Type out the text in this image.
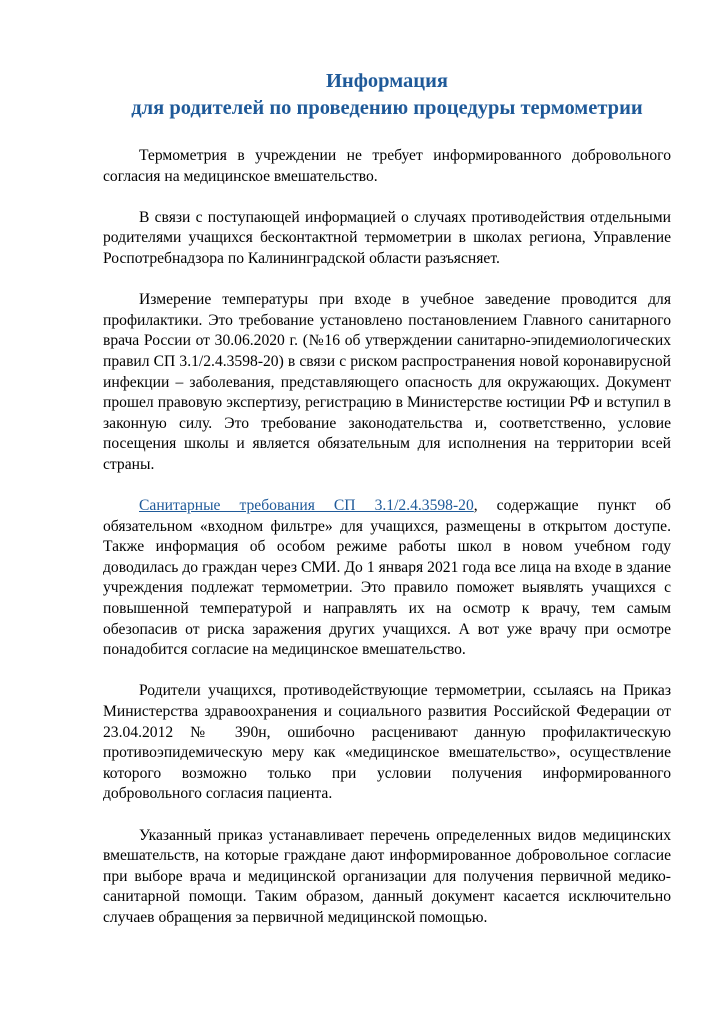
Информация
для родителей по проведению процедуры термометрии

Термометрия в учреждении не требует информированного добровольного согласия на медицинское вмешательство.

В связи с поступающей информацией о случаях противодействия отдельными родителями учащихся бесконтактной термометрии в школах региона, Управление Роспотребнадзора по Калининградской области разъясняет.

Измерение температуры при входе в учебное заведение проводится для профилактики. Это требование установлено постановлением Главного санитарного врача России от 30.06.2020 г. (№16 об утверждении санитарно-эпидемиологических правил СП 3.1/2.4.3598-20) в связи с риском распространения новой коронавирусной инфекции – заболевания, представляющего опасность для окружающих. Документ прошел правовую экспертизу, регистрацию в Министерстве юстиции РФ и вступил в законную силу. Это требование законодательства и, соответственно, условие посещения школы и является обязательным для исполнения на территории всей страны.

Санитарные требования СП 3.1/2.4.3598-20, содержащие пункт об обязательном «входном фильтре» для учащихся, размещены в открытом доступе. Также информация об особом режиме работы школ в новом учебном году доводилась до граждан через СМИ. До 1 января 2021 года все лица на входе в здание учреждения подлежат термометрии. Это правило поможет выявлять учащихся с повышенной температурой и направлять их на осмотр к врачу, тем самым обезопасив от риска заражения других учащихся. А вот уже врачу при осмотре понадобится согласие на медицинское вмешательство.

Родители учащихся, противодействующие термометрии, ссылаясь на Приказ Министерства здравоохранения и социального развития Российской Федерации от 23.04.2012 № 390н, ошибочно расценивают данную профилактическую противоэпидемическую меру как «медицинское вмешательство», осуществление которого возможно только при условии получения информированного добровольного согласия пациента.

Указанный приказ устанавливает перечень определенных видов медицинских вмешательств, на которые граждане дают информированное добровольное согласие при выборе врача и медицинской организации для получения первичной медико-санитарной помощи. Таким образом, данный документ касается исключительно случаев обращения за первичной медицинской помощью.
